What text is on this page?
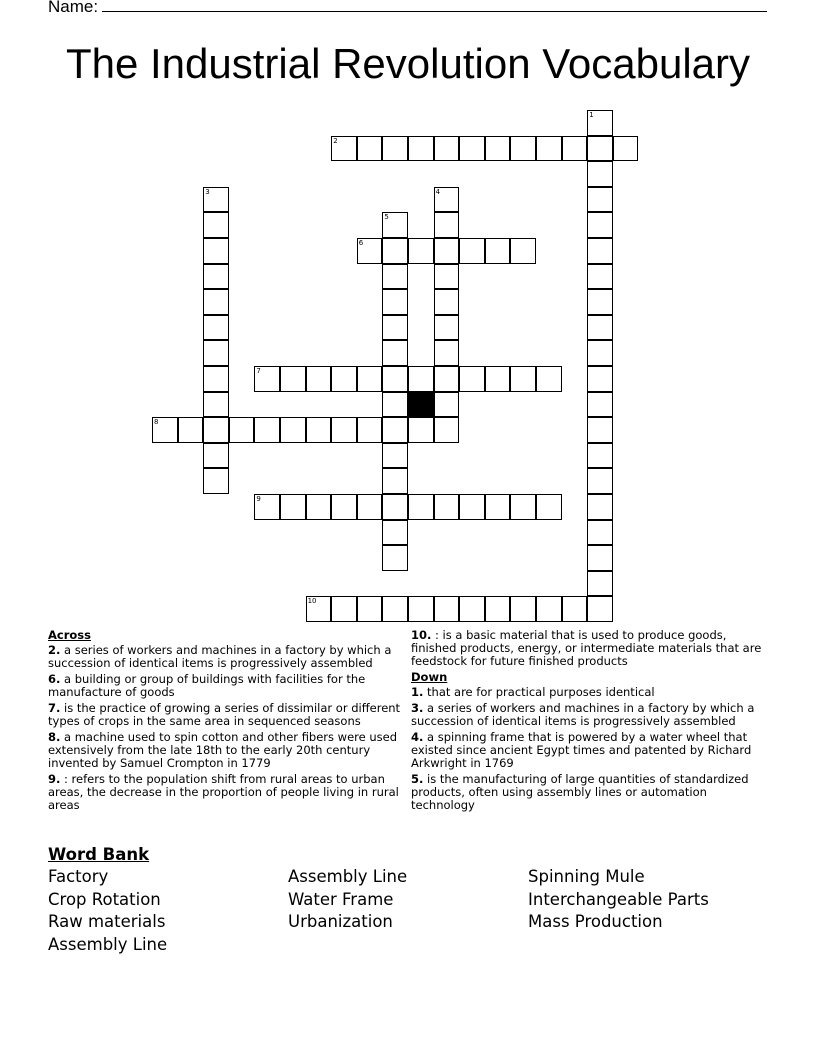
Name:
The Industrial Revolution Vocabulary
1
2
3	4
5
6
7
8
9
10
Across
2. a series of workers and machines in a factory by which a succession of identical items is progressively assembled
6. a building or group of buildings with facilities for the manufacture of goods
7. is the practice of growing a series of dissimilar or different types of crops in the same area in sequenced seasons
8. a machine used to spin cotton and other fibers were used extensively from the late 18th to the early 20th century invented by Samuel Crompton in 1779
9. : refers to the population shift from rural areas to urban areas, the decrease in the proportion of people living in rural areas
10. : is a basic material that is used to produce goods, finished products, energy, or intermediate materials that are feedstock for future finished products
Down
1. that are for practical purposes identical
3. a series of workers and machines in a factory by which a succession of identical items is progressively assembled
4. a spinning frame that is powered by a water wheel that existed since ancient Egypt times and patented by Richard Arkwright in 1769
5. is the manufacturing of large quantities of standardized products, often using assembly lines or automation technology
Word Bank
Factory
Crop Rotation
Raw materials
Assembly Line
Assembly Line
Water Frame
Urbanization
Spinning Mule
Interchangeable Parts
Mass Production
